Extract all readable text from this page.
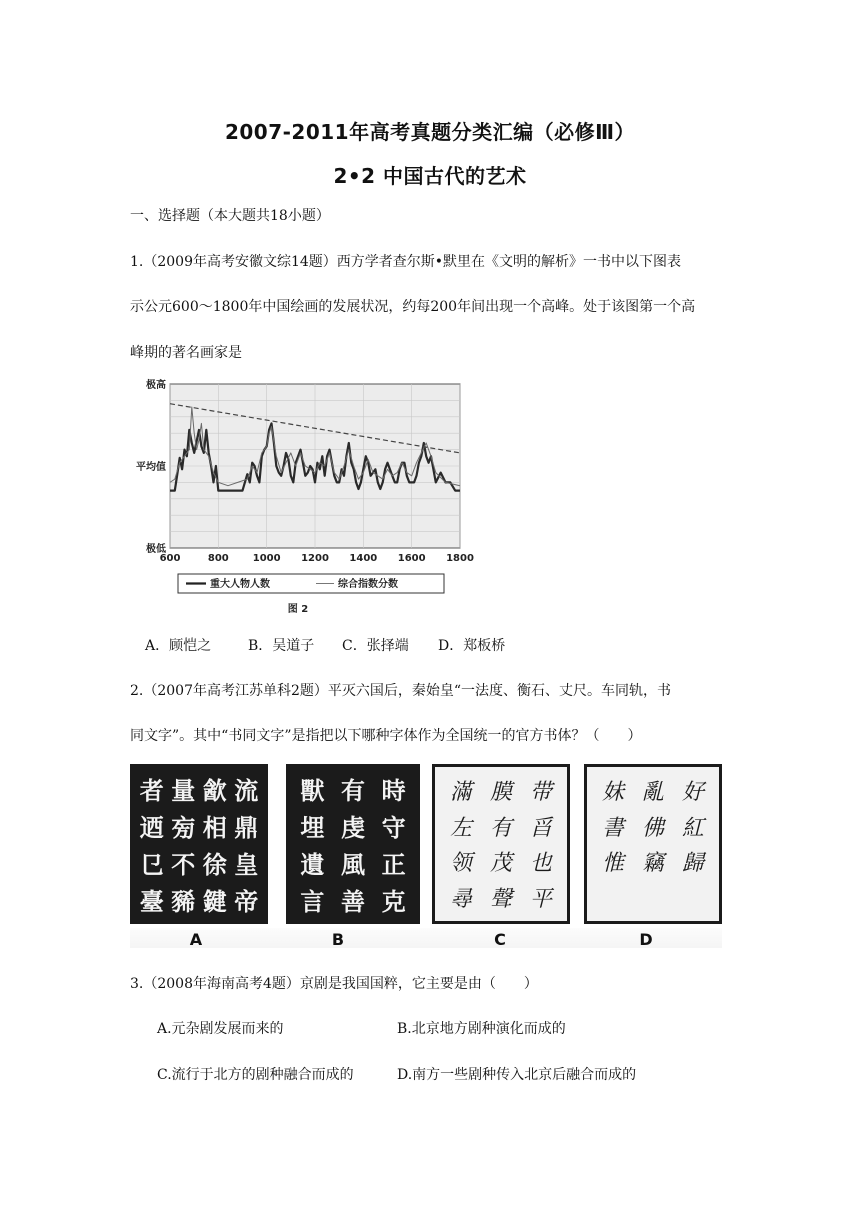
2007-2011年高考真题分类汇编（必修Ⅲ）
2•2 中国古代的艺术
一、选择题（本大题共18小题）
1.（2009年高考安徽文综14题）西方学者查尔斯•默里在《文明的解析》一书中以下图表
示公元600～1800年中国绘画的发展状况，约每200年间出现一个高峰。处于该图第一个高
峰期的著名画家是
600	800 1000 1200 1400 1600 1800
极高
平均值
极低
重大人物人数	综合指数分数
图 2
A．顾恺之	B．吴道子 C．张择端 D．郑板桥
2.（2007年高考江苏单科2题）平灭六国后，秦始皇“一法度、衡石、丈尺。车同轨，书
同文字”。其中“书同文字”是指把以下哪种字体作为全国统一的官方书体？（　　）
者 量 㱃 流
迺 㫄 相 鼎
㔾 不 徐 皇
臺 豨 鍵 帝
獸 有 時
埋 虔 守
遺 風 正
言 善 克
滿 膜 带
左 有 㸓
领 茂 也
尋 聲 平
妹 亂 好
書 佛 紅
惟 竊 歸
A	B	C	D
3.（2008年海南高考4题）京剧是我国国粹，它主要是由（　　）
A.元杂剧发展而来的	B.北京地方剧种演化而成的
C.流行于北方的剧种融合而成的	D.南方一些剧种传入北京后融合而成的
